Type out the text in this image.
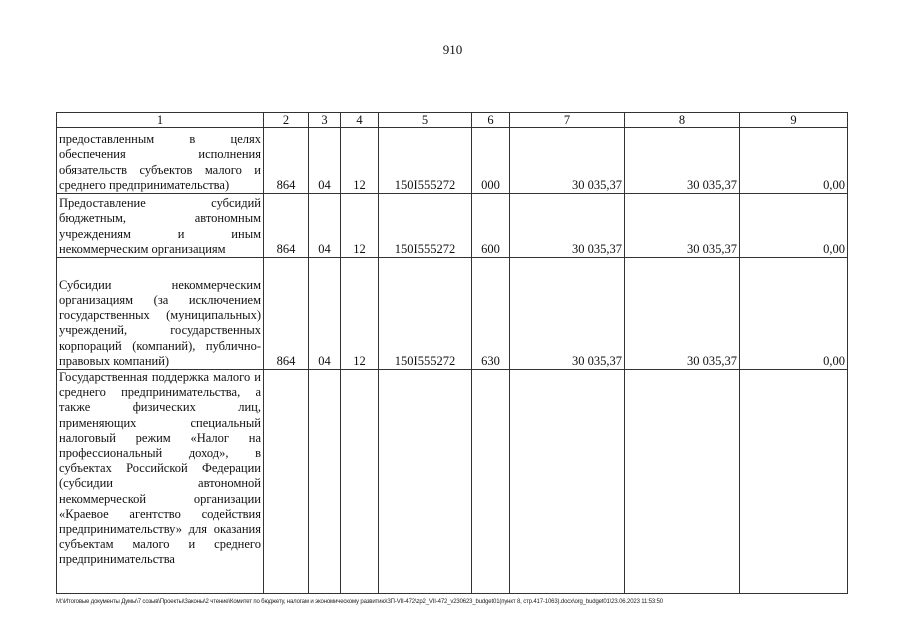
910
1	2	3	4	5	6	7	8	9
предоставленным в целях обеспечения исполнения обязательств субъектов малого и среднего предпринимательства)	864	04	12	150I555272	000	30 035,37	30 035,37	0,00
Предоставление субсидий бюджетным, автономным учреждениям и иным некоммерческим организациям	864	04	12	150I555272	600	30 035,37	30 035,37	0,00
Субсидии некоммерческим организациям (за исключением государственных (муниципальных) учреждений, государственных корпораций (компаний), публично-правовых компаний)	864	04	12	150I555272	630	30 035,37	30 035,37	0,00
Государственная поддержка малого и среднего предпринимательства, а также физических лиц, применяющих специальный налоговый режим «Налог на профессиональный доход», в субъектах Российской Федерации (субсидии автономной некоммерческой организации «Краевое агентство содействия предпринимательству» для оказания субъектам малого и среднего предпринимательства								
M:\Итоговые документы Думы\7 созыв\Проекты\Законы\2 чтение\Комитет по бюджету, налогам и экономическому развитию\ЗП-VII-472\zp2_VII-472_v230623_budget01(пункт 8, стр.417-1063).docx\org_budget01\23.06.2023 11:53:50
